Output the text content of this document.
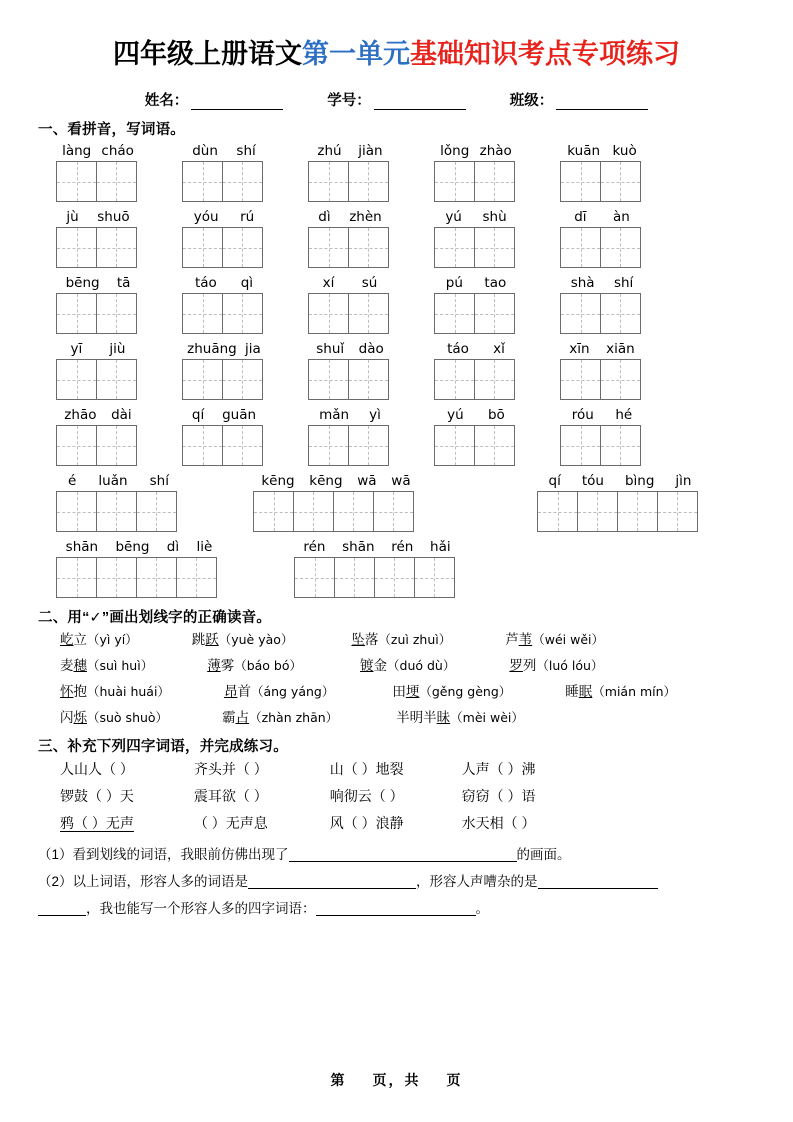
四年级上册语文第一单元基础知识考点专项练习
姓名：	学号：	班级：
一、看拼音，写词语。
làng cháo	dùn shí	zhú jiàn	lǒng zhào	kuān kuò
jù shuō	yóu rú	dì zhèn	yú shù	dī àn
bēng tā	táo qì	xí sú	pú tao	shà shí
yī jiù	zhuāng jia	shuǐ dào	táo xǐ	xīn xiān
zhāo dài	qí guān	mǎn yì	yú bō	róu hé
é luǎn shí	kēng kēng wā wā	qí tóu bìng jìn
shān bēng dì liè	rén shān rén hǎi
二、用“✓”画出划线字的正确读音。
屹立（yì yí）	跳跃（yuè yào）	坠落（zuì zhuì）	芦苇（wéi wěi）
麦穗（suì huì）	薄雾（báo bó）	镀金（duó dù）	罗列（luó lóu）
怀抱（huài huái）	昂首（áng yáng）	田埂（gěng gèng）	睡眠（mián mín）
闪烁（suò shuò）	霸占（zhàn zhān）	半明半昧（mèi wèi）
三、补充下列四字词语，并完成练习。
人山人（ ）	齐头并（ ）	山（ ）地裂	人声（ ）沸
锣鼓（ ）天	震耳欲（ ）	响彻云（ ）	窃窃（ ）语
鸦（ ）无声	（ ）无声息	风（ ）浪静	水天相（ ）

（1）看到划线的词语，我眼前仿佛出现了	的画面。

（2）以上词语，形容人多的词语是	，形容人声嘈杂的是
，我也能写一个形容人多的四字词语：	。

第 页，共 页
